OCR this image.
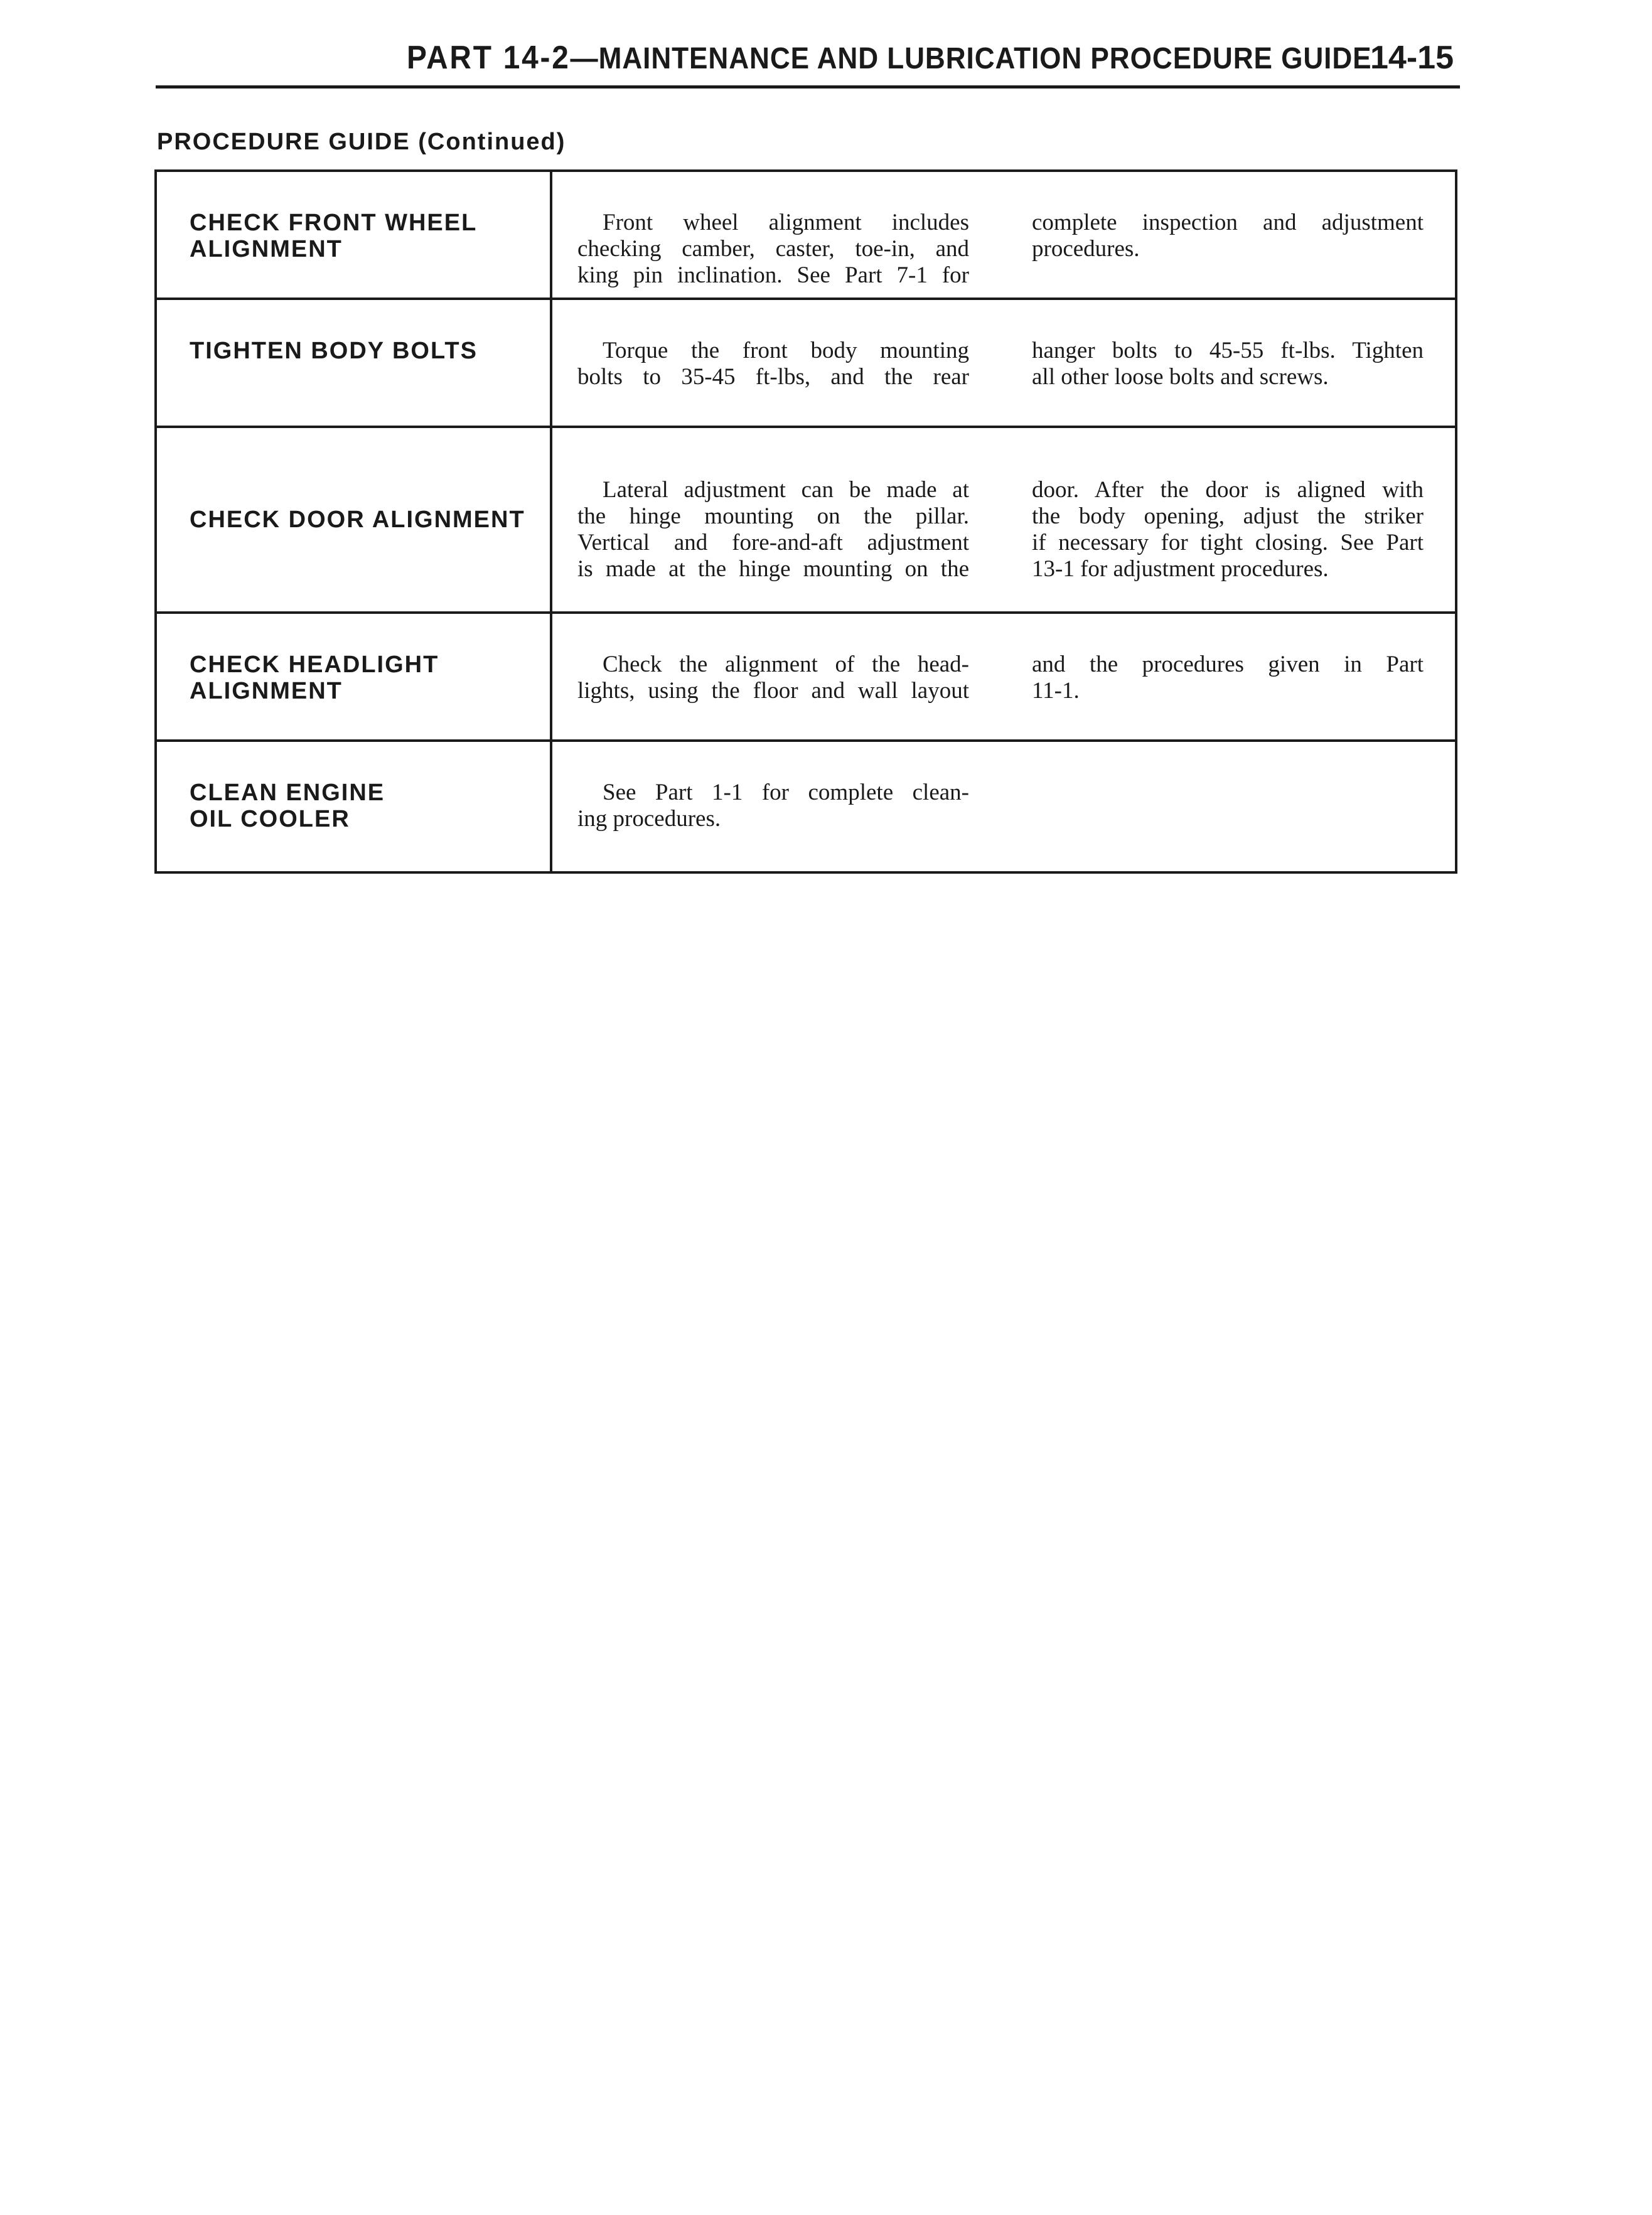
PART 14-2—MAINTENANCE AND LUBRICATION PROCEDURE GUIDE
14-15
PROCEDURE GUIDE (Continued)
CHECK FRONT WHEEL
ALIGNMENT
Front wheel alignment includes
checking camber, caster, toe-in, and
king pin inclination. See Part 7-1 for
complete inspection and adjustment
procedures.
TIGHTEN BODY BOLTS	Torque the front body mounting
bolts to 35-45 ft-lbs, and the rear
hanger bolts to 45-55 ft-lbs. Tighten
all other loose bolts and screws.
CHECK DOOR ALIGNMENT
Lateral adjustment can be made at
the hinge mounting on the pillar.
Vertical and fore-and-aft adjustment
is made at the hinge mounting on the
door. After the door is aligned with
the body opening, adjust the striker
if necessary for tight closing. See Part
13-1 for adjustment procedures.
CHECK HEADLIGHT
ALIGNMENT
Check the alignment of the head-
lights, using the floor and wall layout
and the procedures given in Part
11-1.
CLEAN ENGINE
OIL COOLER
See Part 1-1 for complete clean-
ing procedures.
